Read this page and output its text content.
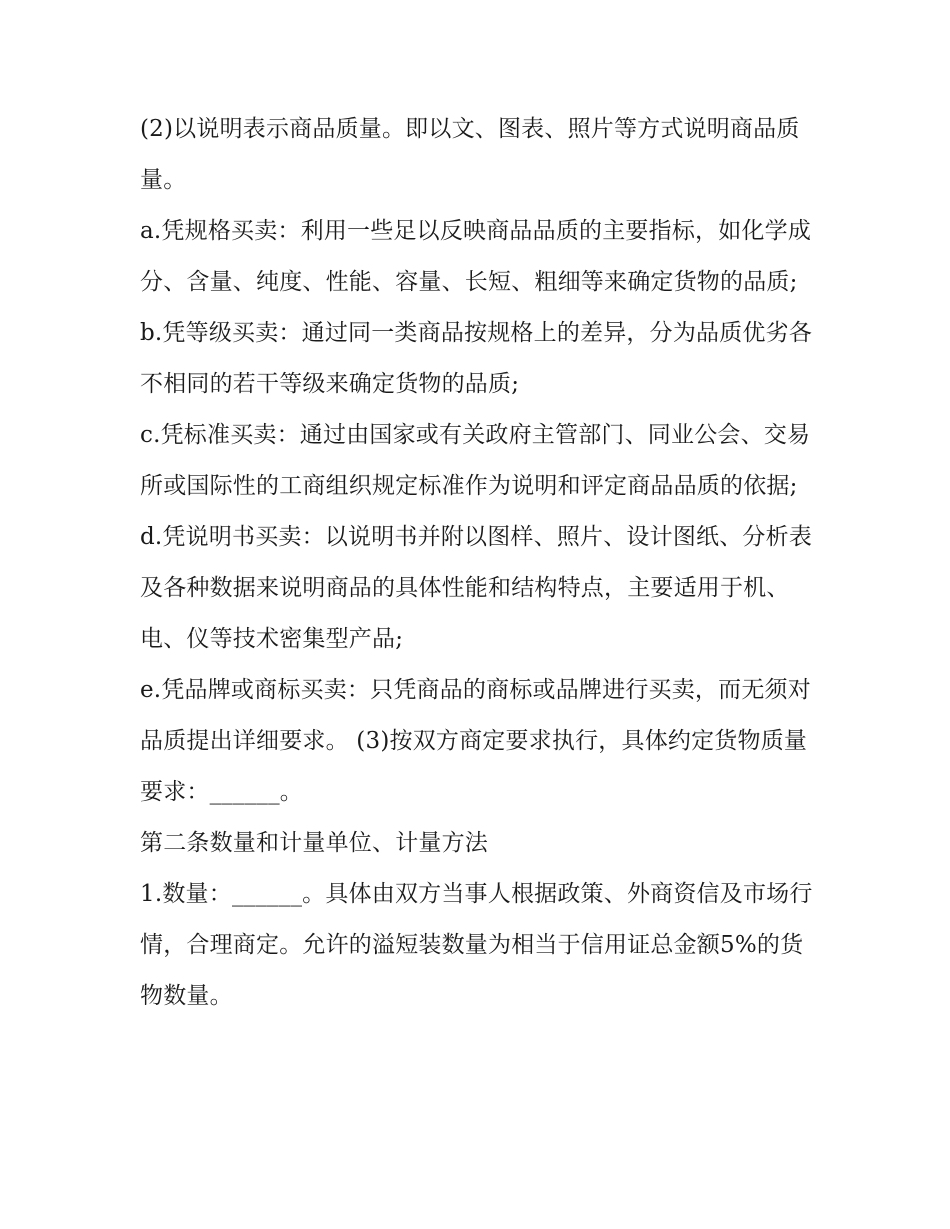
(2)以说明表示商品质量。即以文、图表、照片等方式说明商品质量。

a.凭规格买卖：利用一些足以反映商品品质的主要指标，如化学成分、含量、纯度、性能、容量、长短、粗细等来确定货物的品质;

b.凭等级买卖：通过同一类商品按规格上的差异，分为品质优劣各不相同的若干等级来确定货物的品质;

c.凭标准买卖：通过由国家或有关政府主管部门、同业公会、交易所或国际性的工商组织规定标准作为说明和评定商品品质的依据;

d.凭说明书买卖：以说明书并附以图样、照片、设计图纸、分析表及各种数据来说明商品的具体性能和结构特点，主要适用于机、电、仪等技术密集型产品;

e.凭品牌或商标买卖：只凭商品的商标或品牌进行买卖，而无须对品质提出详细要求。 (3)按双方商定要求执行，具体约定货物质量要求：______。

第二条数量和计量单位、计量方法

1.数量：______。具体由双方当事人根据政策、外商资信及市场行情，合理商定。允许的溢短装数量为相当于信用证总金额5%的货物数量。
